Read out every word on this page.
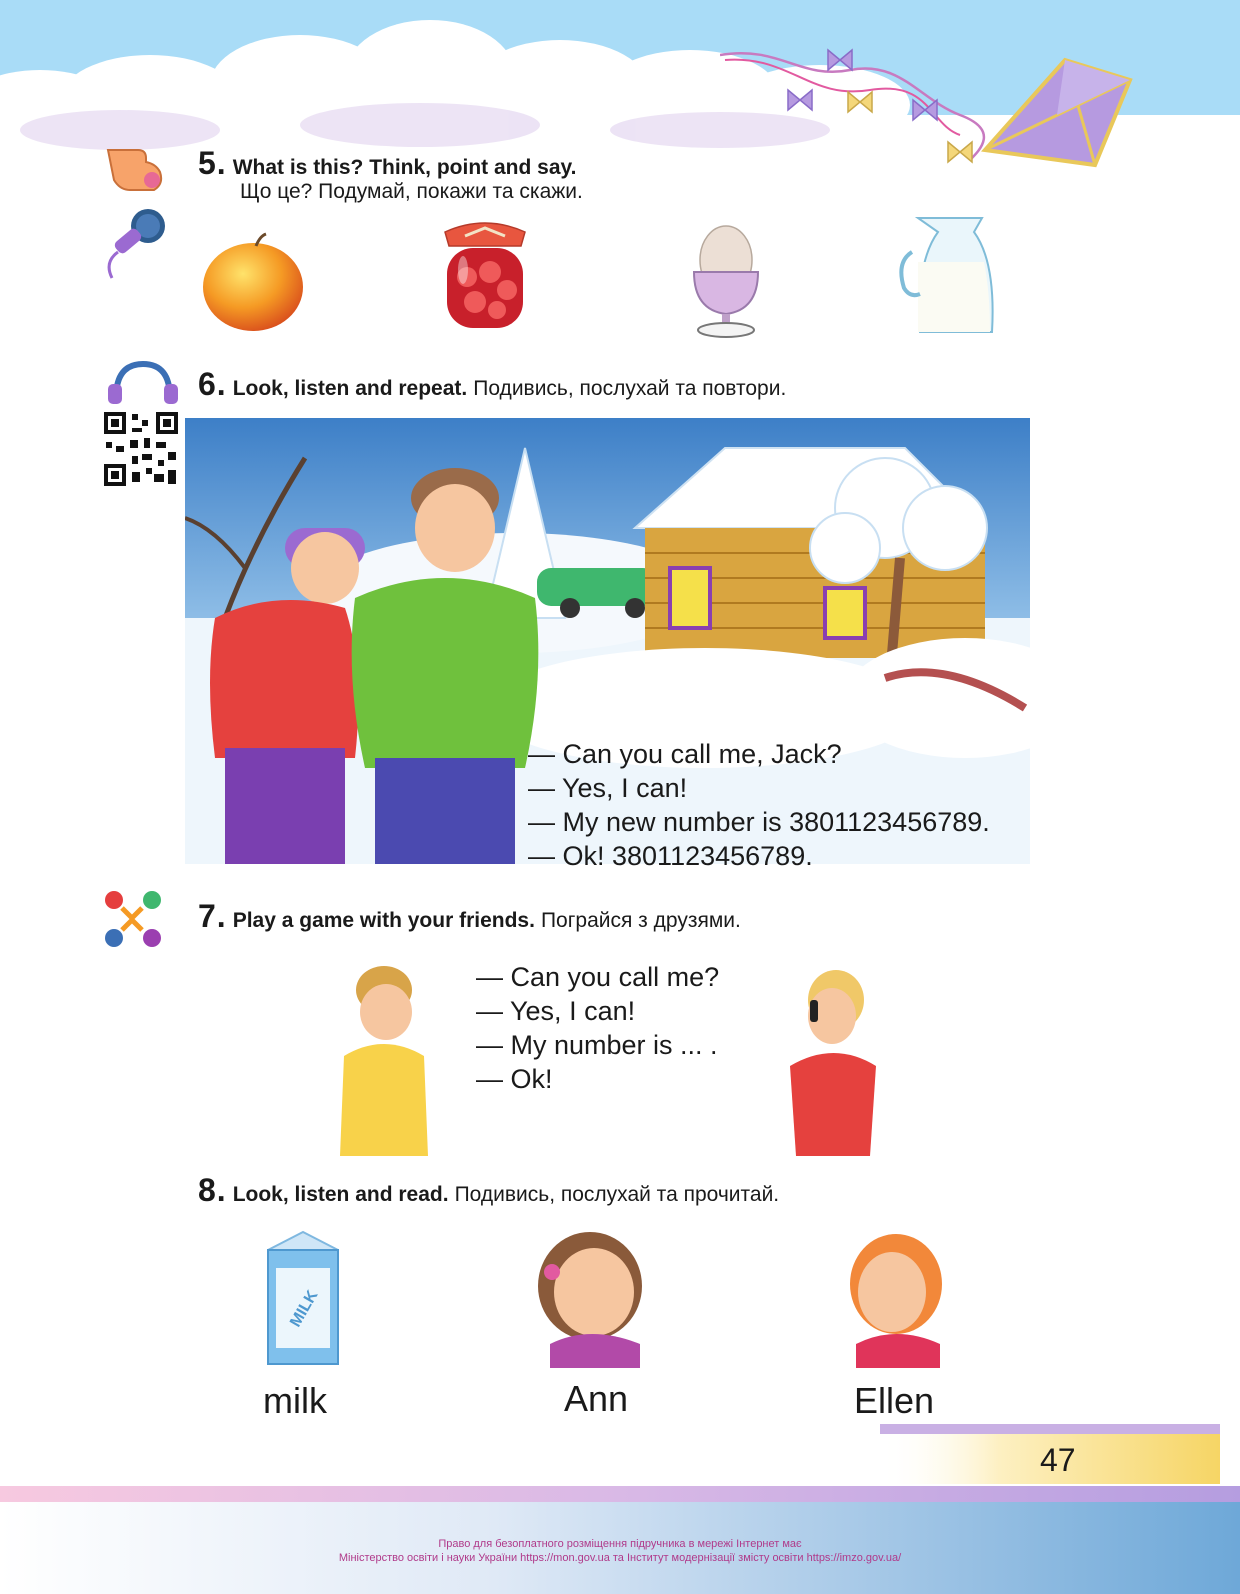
5. What is this? Think, point and say.
Що це? Подумай, покажи та скажи.
6. Look, listen and repeat. Подивись, послухай та повтори.
— Can you call me, Jack?
— Yes, I can!
— My new number is 3801123456789.
— Ok! 3801123456789.
7. Play a game with your friends. Пограйся з друзями.
— Can you call me?
— Yes, I can!
— My number is ... .
— Ok!
8. Look, listen and read. Подивись, послухай та прочитай.
MILK
milk	Ann	Ellen
47
Право для безоплатного розміщення підручника в мережі Інтернет має
Міністерство освіти і науки України https://mon.gov.ua та Інститут модернізації змісту освіти https://imzo.gov.ua/
